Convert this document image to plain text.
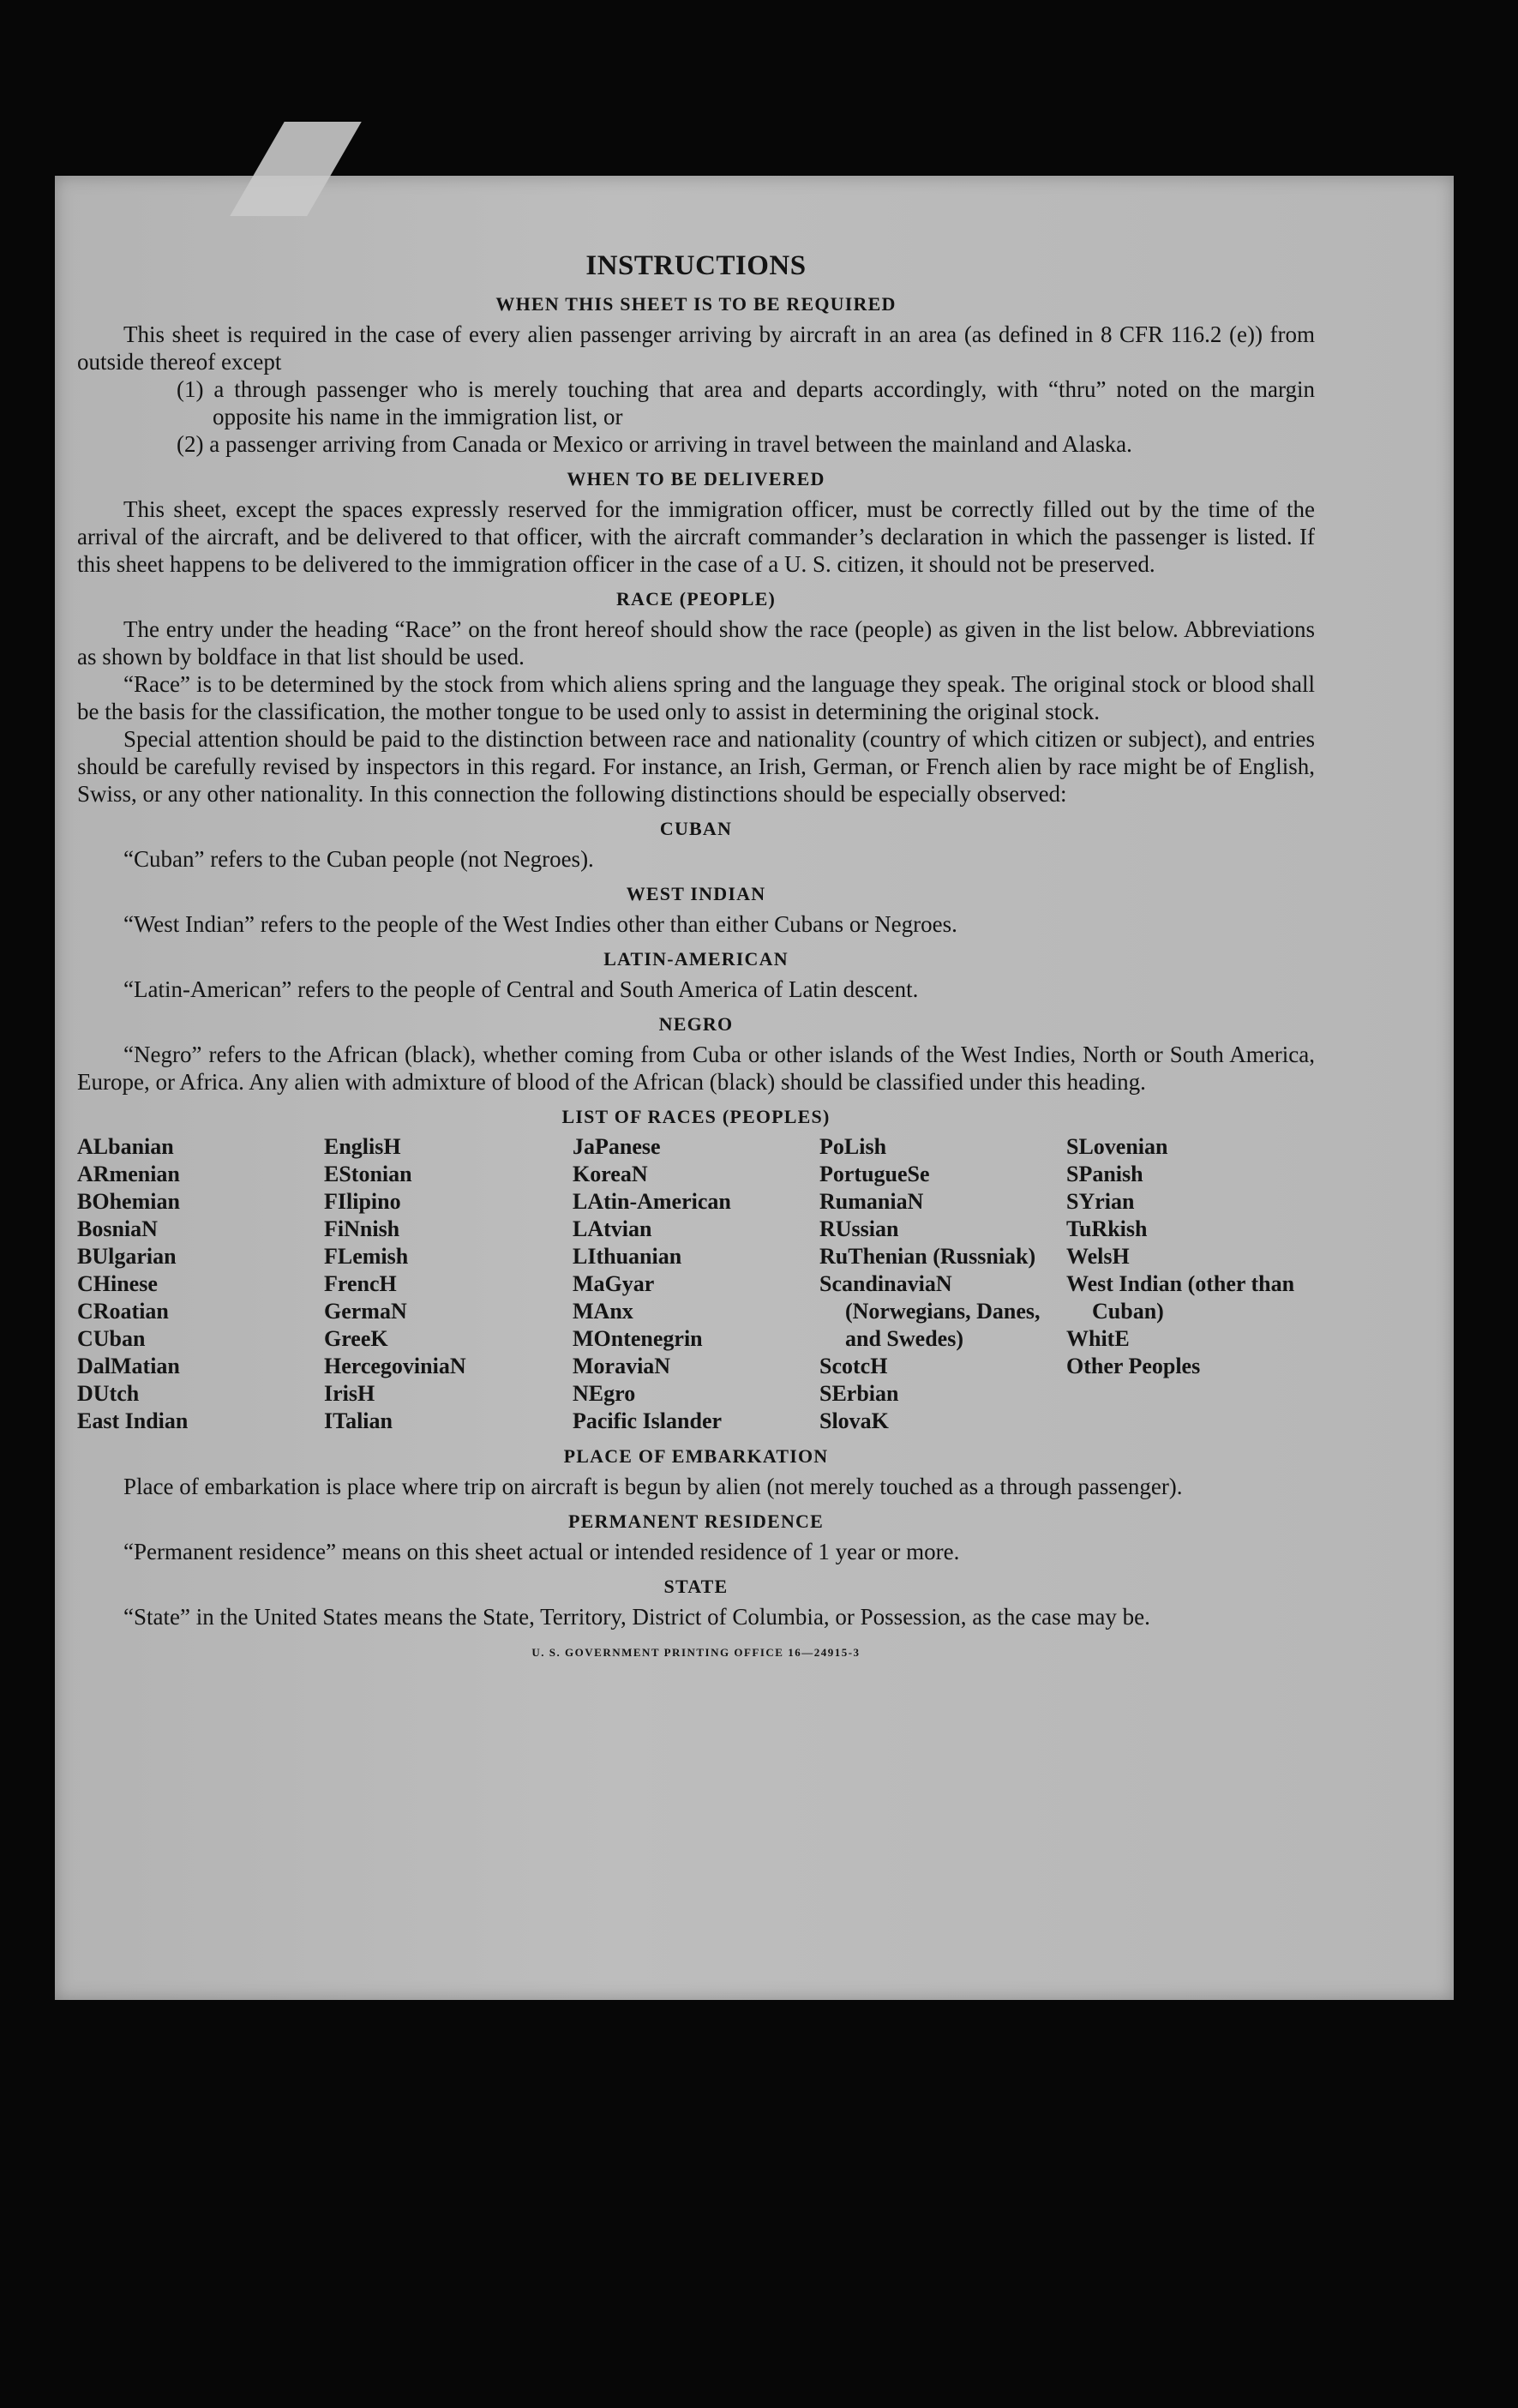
INSTRUCTIONS
WHEN THIS SHEET IS TO BE REQUIRED

This sheet is required in the case of every alien passenger arriving by aircraft in an area (as defined in 8 CFR 116.2 (e)) from outside thereof except

(1) a through passenger who is merely touching that area and departs accordingly, with “thru” noted on the margin opposite his name in the immigration list, or

(2) a passenger arriving from Canada or Mexico or arriving in travel between the mainland and Alaska.

WHEN TO BE DELIVERED

This sheet, except the spaces expressly reserved for the immigration officer, must be correctly filled out by the time of the arrival of the aircraft, and be delivered to that officer, with the aircraft commander’s declaration in which the passenger is listed. If this sheet happens to be delivered to the immigration officer in the case of a U. S. citizen, it should not be preserved.

RACE (PEOPLE)

The entry under the heading “Race” on the front hereof should show the race (people) as given in the list below. Abbreviations as shown by boldface in that list should be used.

“Race” is to be determined by the stock from which aliens spring and the language they speak. The original stock or blood shall be the basis for the classification, the mother tongue to be used only to assist in determining the original stock.

Special attention should be paid to the distinction between race and nationality (country of which citizen or subject), and entries should be carefully revised by inspectors in this regard. For instance, an Irish, German, or French alien by race might be of English, Swiss, or any other nationality. In this connection the following distinctions should be especially observed:

CUBAN

“Cuban” refers to the Cuban people (not Negroes).

WEST INDIAN

“West Indian” refers to the people of the West Indies other than either Cubans or Negroes.

LATIN-AMERICAN

“Latin-American” refers to the people of Central and South America of Latin descent.

NEGRO

“Negro” refers to the African (black), whether coming from Cuba or other islands of the West Indies, North or South America, Europe, or Africa. Any alien with admixture of blood of the African (black) should be classified under this heading.

LIST OF RACES (PEOPLES)
ALbanian
ARmenian
BOhemian
BosniaN
BUlgarian
CHinese
CRoatian
CUban
DalMatian
DUtch
East Indian
EnglisH
EStonian
FIlipino
FiNnish
FLemish
FrencH
GermaN
GreeK
HercegoviniaN
IrisH
ITalian
JaPanese
KoreaN
LAtin-American
LAtvian
LIthuanian
MaGyar
MAnx
MOntenegrin
MoraviaN
NEgro
Pacific Islander
PoLish
PortugueSe
RumaniaN
RUssian
RuThenian (Russniak)
ScandinaviaN (Norwegians, Danes, and Swedes)
ScotcH
SErbian
SlovaK
SLovenian
SPanish
SYrian
TuRkish
WelsH
West Indian (other than Cuban)
WhitE
Other Peoples
PLACE OF EMBARKATION

Place of embarkation is place where trip on aircraft is begun by alien (not merely touched as a through passenger).

PERMANENT RESIDENCE

“Permanent residence” means on this sheet actual or intended residence of 1 year or more.

STATE

“State” in the United States means the State, Territory, District of Columbia, or Possession, as the case may be.

U. S. GOVERNMENT PRINTING OFFICE 16—24915-3
